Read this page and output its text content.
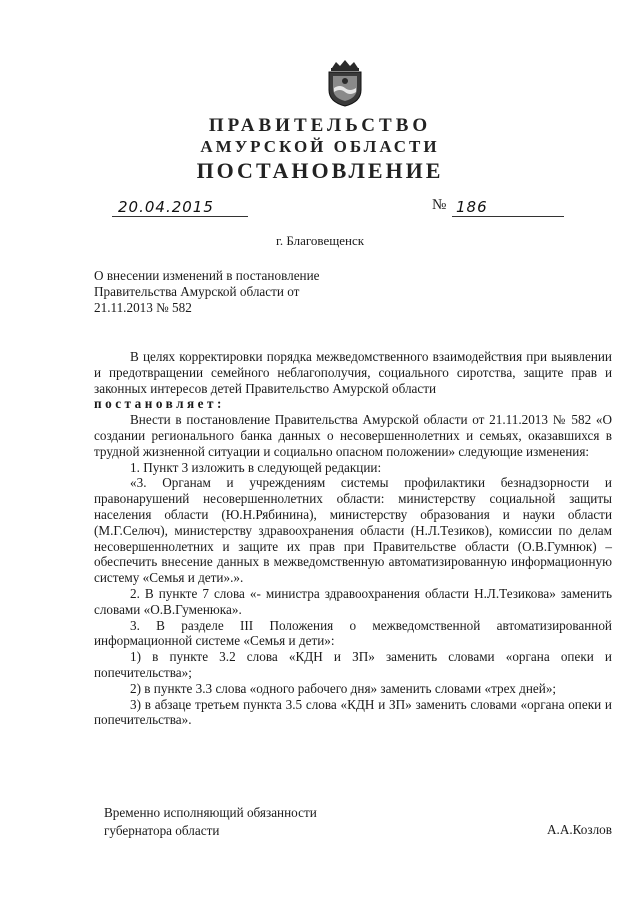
ПРАВИТЕЛЬСТВО
АМУРСКОЙ ОБЛАСТИ
ПОСТАНОВЛЕНИЕ
20.04.2015	№ 186
г. Благовещенск
О внесении изменений в постановление Правительства Амурской области от 21.11.2013 № 582

В целях корректировки порядка межведомственного взаимодействия при выявлении и предотвращении семейного неблагополучия, социального сиротства, защите прав и законных интересов детей Правительство Амурской области

постановляет:

Внести в постановление Правительства Амурской области от 21.11.2013 № 582 «О создании регионального банка данных о несовершеннолетних и семьях, оказавшихся в трудной жизненной ситуации и социально опасном положении» следующие изменения:

1. Пункт 3 изложить в следующей редакции:

«3. Органам и учреждениям системы профилактики безнадзорности и правонарушений несовершеннолетних области: министерству социальной защиты населения области (Ю.Н.Рябинина), министерству образования и науки области (М.Г.Селюч), министерству здравоохранения области (Н.Л.Тезиков), комиссии по делам несовершеннолетних и защите их прав при Правительстве области (О.В.Гумнюк) – обеспечить внесение данных в межведомственную автоматизированную информационную систему «Семья и дети».».

2. В пункте 7 слова «- министра здравоохранения области Н.Л.Тезикова» заменить словами «О.В.Гуменюка».

3. В разделе III Положения о межведомственной автоматизированной информационной системе «Семья и дети»:

1) в пункте 3.2 слова «КДН и ЗП» заменить словами «органа опеки и попечительства»;

2) в пункте 3.3 слова «одного рабочего дня» заменить словами «трех дней»;

3) в абзаце третьем пункта 3.5 слова «КДН и ЗП» заменить словами «органа опеки и попечительства».

Временно исполняющий обязанности
губернатора области	А.А.Козлов
